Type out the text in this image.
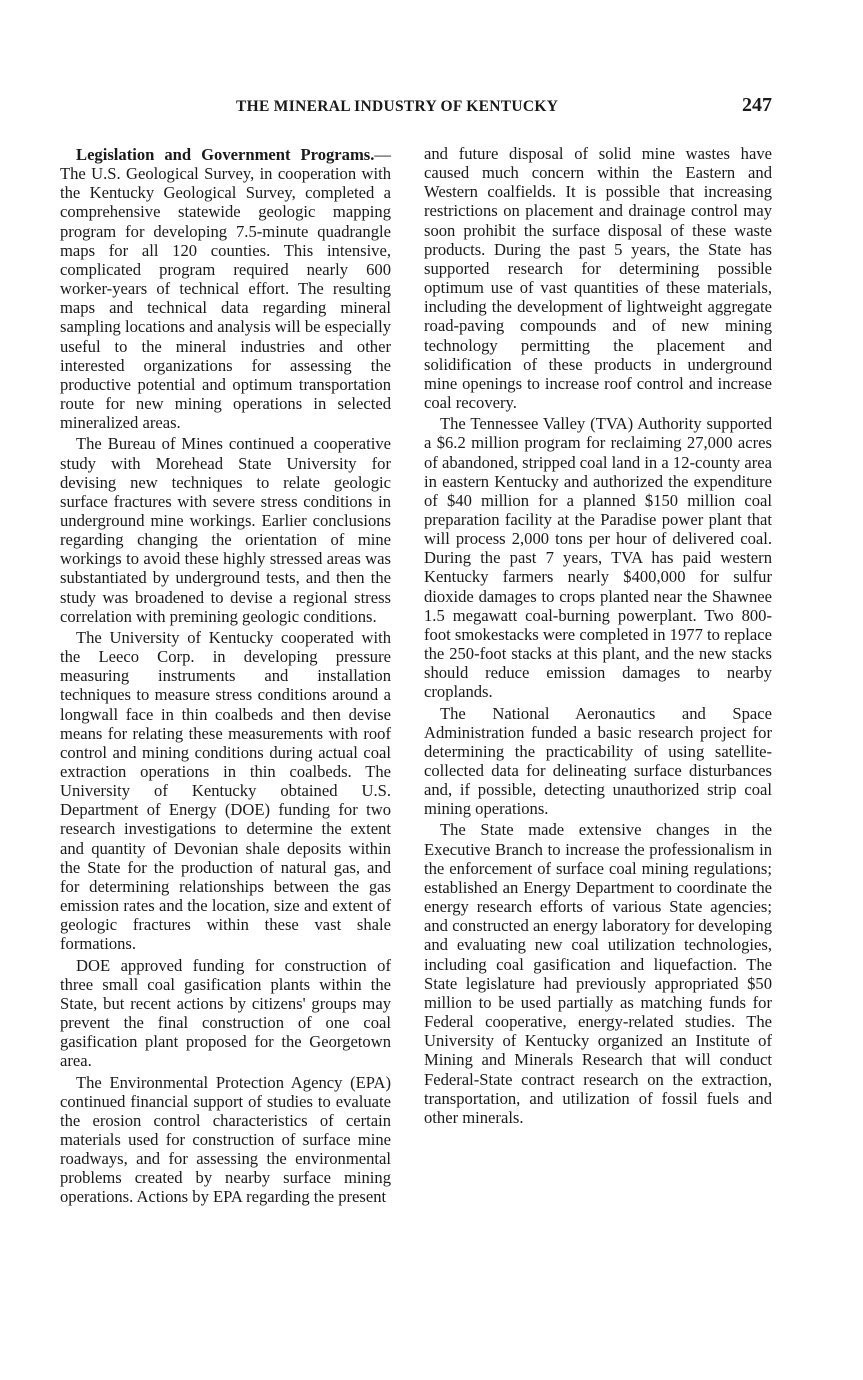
THE MINERAL INDUSTRY OF KENTUCKY	247

Legislation and Government Programs.—The U.S. Geological Survey, in cooperation with the Kentucky Geological Survey, completed a comprehensive statewide geologic mapping program for developing 7.5-minute quadrangle maps for all 120 counties. This intensive, complicated program required nearly 600 worker-years of technical effort. The resulting maps and technical data regarding mineral sampling locations and analysis will be especially useful to the mineral industries and other interested organizations for assessing the productive potential and optimum transportation route for new mining operations in selected mineralized areas.

The Bureau of Mines continued a cooperative study with Morehead State University for devising new techniques to relate geologic surface fractures with severe stress conditions in underground mine workings. Earlier conclusions regarding changing the orientation of mine workings to avoid these highly stressed areas was substantiated by underground tests, and then the study was broadened to devise a regional stress correlation with premining geologic conditions.

The University of Kentucky cooperated with the Leeco Corp. in developing pressure measuring instruments and installation techniques to measure stress conditions around a longwall face in thin coalbeds and then devise means for relating these measurements with roof control and mining conditions during actual coal extraction operations in thin coalbeds. The University of Kentucky obtained U.S. Department of Energy (DOE) funding for two research investigations to determine the extent and quantity of Devonian shale deposits within the State for the production of natural gas, and for determining relationships between the gas emission rates and the location, size and extent of geologic fractures within these vast shale formations.

DOE approved funding for construction of three small coal gasification plants within the State, but recent actions by citizens' groups may prevent the final construction of one coal gasification plant proposed for the Georgetown area.

The Environmental Protection Agency (EPA) continued financial support of studies to evaluate the erosion control characteristics of certain materials used for construction of surface mine roadways, and for assessing the environmental problems created by nearby surface mining operations. Actions by EPA regarding the present

and future disposal of solid mine wastes have caused much concern within the Eastern and Western coalfields. It is possible that increasing restrictions on placement and drainage control may soon prohibit the surface disposal of these waste products. During the past 5 years, the State has supported research for determining possible optimum use of vast quantities of these materials, including the development of lightweight aggregate road-paving compounds and of new mining technology permitting the placement and solidification of these products in underground mine openings to increase roof control and increase coal recovery.

The Tennessee Valley (TVA) Authority supported a $6.2 million program for reclaiming 27,000 acres of abandoned, stripped coal land in a 12-county area in eastern Kentucky and authorized the expenditure of $40 million for a planned $150 million coal preparation facility at the Paradise power plant that will process 2,000 tons per hour of delivered coal. During the past 7 years, TVA has paid western Kentucky farmers nearly $400,000 for sulfur dioxide damages to crops planted near the Shawnee 1.5 megawatt coal-burning powerplant. Two 800-foot smokestacks were completed in 1977 to replace the 250-foot stacks at this plant, and the new stacks should reduce emission damages to nearby croplands.

The National Aeronautics and Space Administration funded a basic research project for determining the practicability of using satellite-collected data for delineating surface disturbances and, if possible, detecting unauthorized strip coal mining operations.

The State made extensive changes in the Executive Branch to increase the professionalism in the enforcement of surface coal mining regulations; established an Energy Department to coordinate the energy research efforts of various State agencies; and constructed an energy laboratory for developing and evaluating new coal utilization technologies, including coal gasification and liquefaction. The State legislature had previously appropriated $50 million to be used partially as matching funds for Federal cooperative, energy-related studies. The University of Kentucky organized an Institute of Mining and Minerals Research that will conduct Federal-State contract research on the extraction, transportation, and utilization of fossil fuels and other minerals.
